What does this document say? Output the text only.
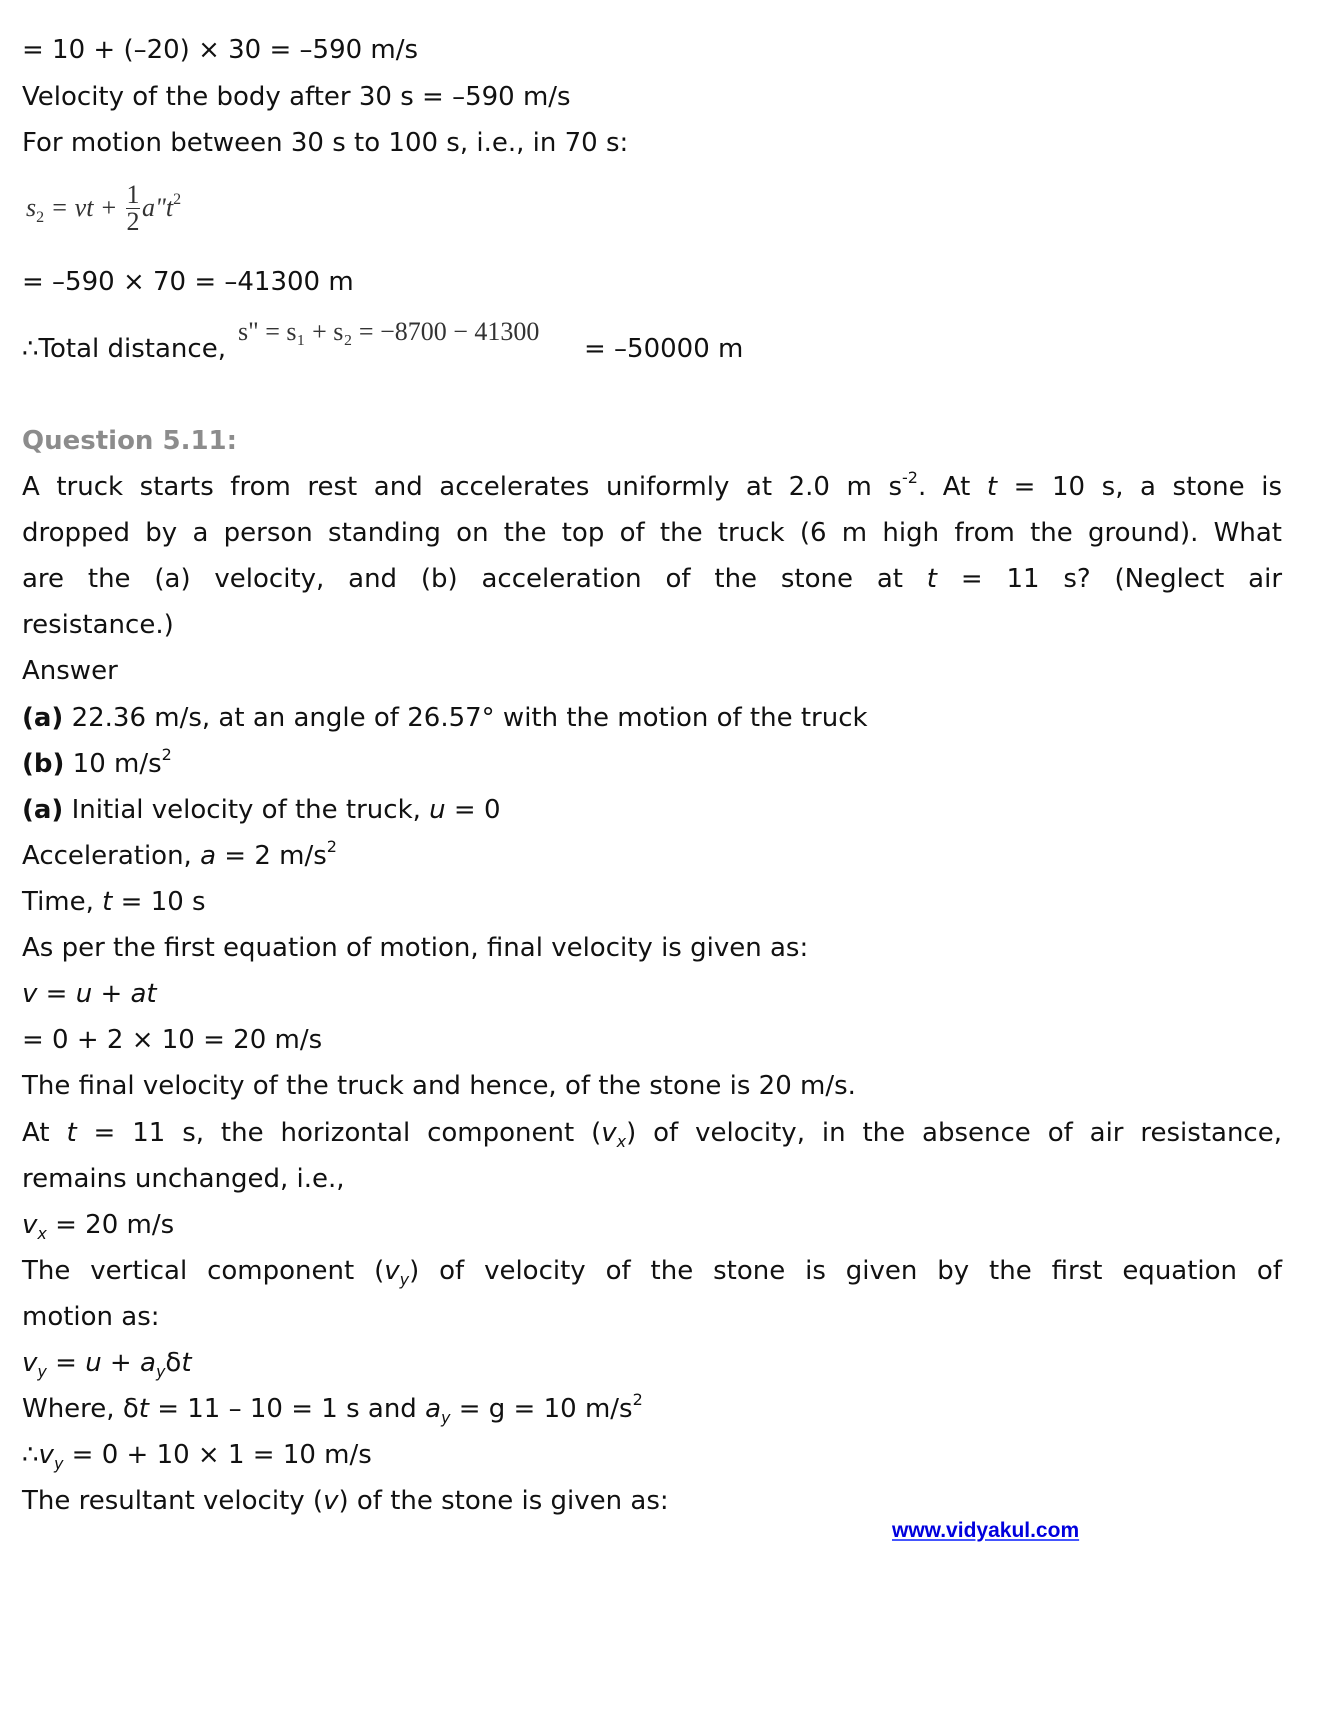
= 10 + (–20) × 30 = –590 m/s
Velocity of the body after 30 s = –590 m/s
For motion between 30 s to 100 s, i.e., in 70 s:
$s_2$ = vt + $\frac{1}{2}$ $a"t^2$
= –590 × 70 = –41300 m
∴Total distance,
s" = s₁ + s₂ = −8700 − 41300
= –50000 m
Question 5.11:
A truck starts from rest and accelerates uniformly at 2.0 m $s^{-2}$. At t = 10 s, a stone is
dropped by a person standing on the top of the truck (6 m high from the ground). What
are the (a) velocity, and (b) acceleration of the stone at t = 11 s? (Neglect air
resistance.)
Answer
(a) 22.36 m/s, at an angle of 26.57° with the motion of the truck
(b) 10 $m/s^2$
(a) Initial velocity of the truck, u = 0
Acceleration, a = 2 $m/s^2$
Time, t = 10 s
As per the first equation of motion, final velocity is given as:
v = u + at
= 0 + 2 × 10 = 20 m/s
The final velocity of the truck and hence, of the stone is 20 m/s.
At t = 11 s, the horizontal component $(v_x)$ of velocity, in the absence of air resistance,
remains unchanged, i.e.,
$v_x = 20$ m/s
The vertical component $(v_y)$ of velocity of the stone is given by the first equation of
motion as:
$v_y = u + a_y\delta t$
Where, δt = 11 – 10 = 1 s and $a_y = g = 10$ $m/s^2$
$\therefore v_y = 0 + 10 \times 1 = 10$ m/s
The resultant velocity (v) of the stone is given as:
www.vidyakul.com
